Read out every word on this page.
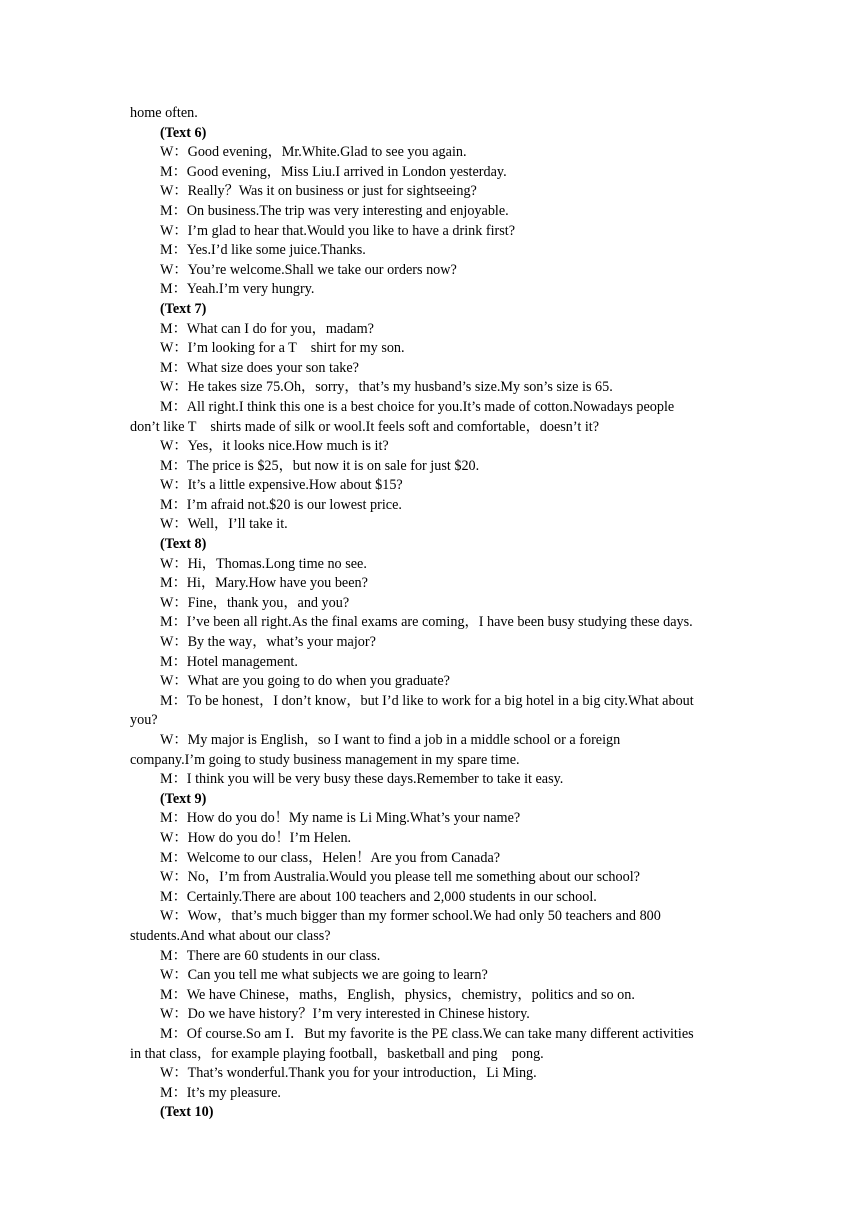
home often.
(Text 6)
W：Good evening，Mr.White.Glad to see you again.
M：Good evening，Miss Liu.I arrived in London yesterday.
W：Really？Was it on business or just for sightseeing?
M：On business.The trip was very interesting and enjoyable.
W：I’m glad to hear that.Would you like to have a drink first?
M：Yes.I’d like some juice.Thanks.
W：You’re welcome.Shall we take our orders now?
M：Yeah.I’m very hungry.
(Text 7)
M：What can I do for you，madam?
W：I’m looking for a T　shirt for my son.
M：What size does your son take?
W：He takes size 75.Oh，sorry，that’s my husband’s size.My son’s size is 65.
M：All right.I think this one is a best choice for you.It’s made of cotton.Nowadays people
don’t like T　shirts made of silk or wool.It feels soft and comfortable，doesn’t it?
W：Yes，it looks nice.How much is it?
M：The price is $25，but now it is on sale for just $20.
W：It’s a little expensive.How about $15?
M：I’m afraid not.$20 is our lowest price.
W：Well，I’ll take it.
(Text 8)
W：Hi，Thomas.Long time no see.
M：Hi，Mary.How have you been?
W：Fine，thank you，and you?
M：I’ve been all right.As the final exams are coming，I have been busy studying these days.
W：By the way，what’s your major?
M：Hotel management.
W：What are you going to do when you graduate?
M：To be honest，I don’t know，but I’d like to work for a big hotel in a big city.What about
you?
W：My major is English，so I want to find a job in a middle school or a foreign
company.I’m going to study business management in my spare time.
M：I think you will be very busy these days.Remember to take it easy.
(Text 9)
M：How do you do！My name is Li Ming.What’s your name?
W：How do you do！I’m Helen.
M：Welcome to our class，Helen！Are you from Canada?
W：No，I’m from Australia.Would you please tell me something about our school?
M：Certainly.There are about 100 teachers and 2,000 students in our school.
W：Wow，that’s much bigger than my former school.We had only 50 teachers and 800
students.And what about our class?
M：There are 60 students in our class.
W：Can you tell me what subjects we are going to learn?
M：We have Chinese，maths，English，physics，chemistry，politics and so on.
W：Do we have history？I’m very interested in Chinese history.
M：Of course.So am I．But my favorite is the PE class.We can take many different activities
in that class，for example playing football，basketball and ping　pong.
W：That’s wonderful.Thank you for your introduction，Li Ming.
M：It’s my pleasure.
(Text 10)
